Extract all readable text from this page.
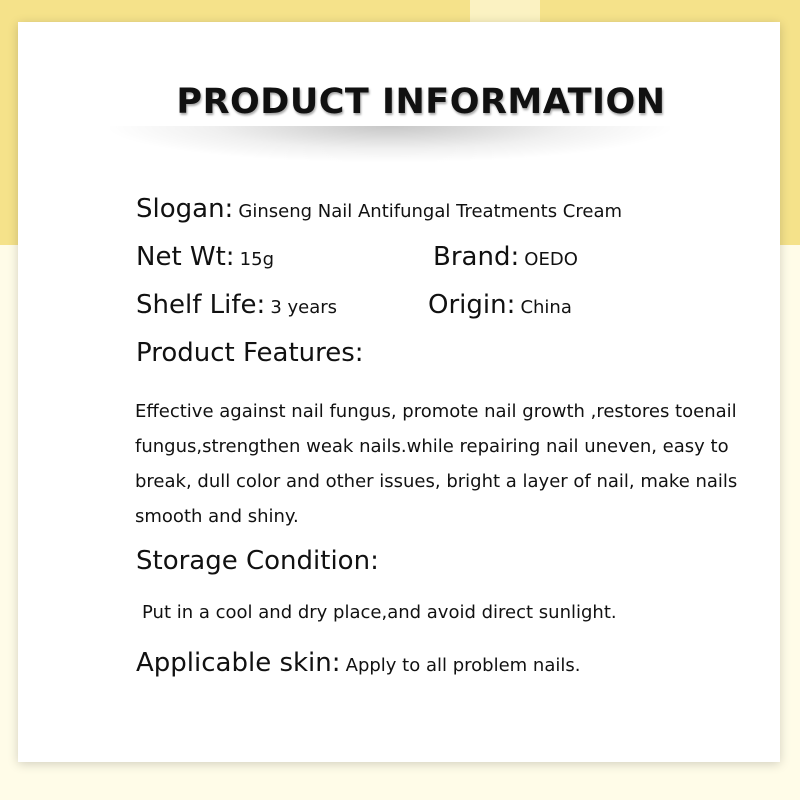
PRODUCT INFORMATION
Slogan: Ginseng Nail Antifungal Treatments Cream
Net Wt: 15g	Brand: OEDO
Shelf Life: 3 years	Origin: China
Product Features:
Effective against nail fungus, promote nail growth ,restores toenail fungus,strengthen weak nails.while repairing nail uneven, easy to break, dull color and other issues, bright a layer of nail, make nails smooth and shiny.
Storage Condition:
Put in a cool and dry place,and avoid direct sunlight.
Applicable skin: Apply to all problem nails.
